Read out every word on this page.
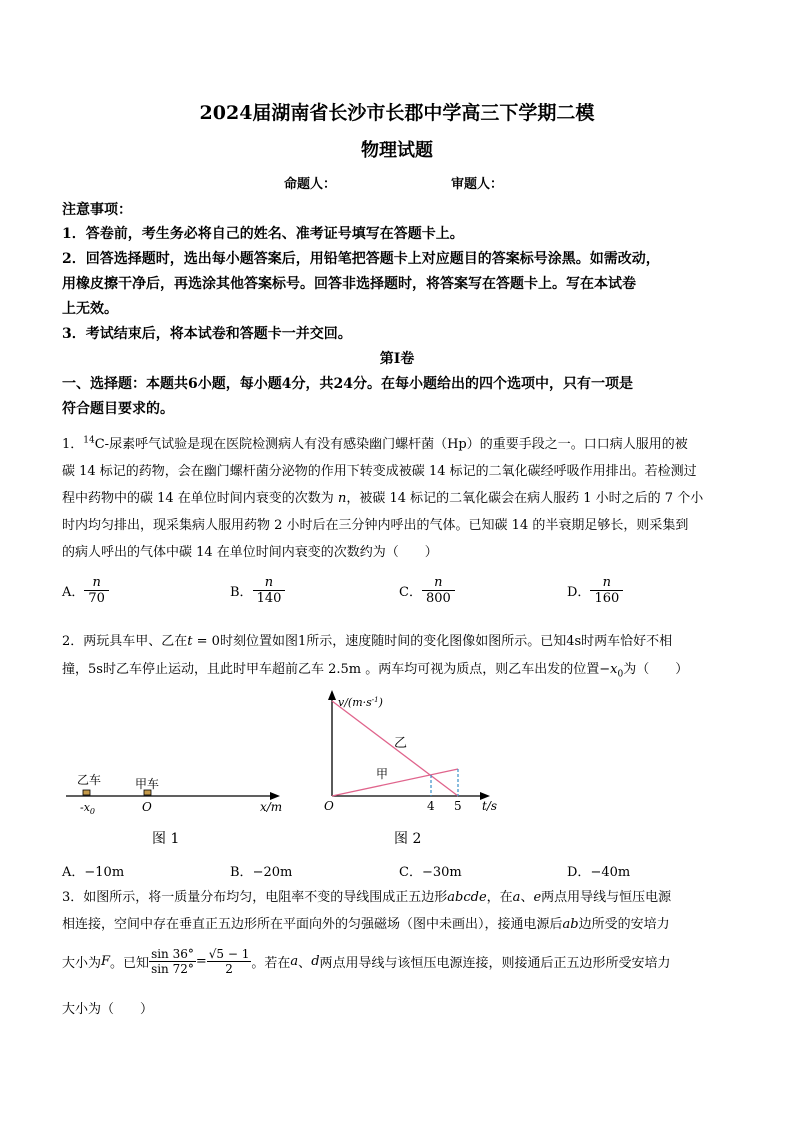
2024届湖南省长沙市长郡中学高三下学期二模
物理试题
命题人：	审题人：
注意事项：
1．答卷前，考生务必将自己的姓名、准考证号填写在答题卡上。
2．回答选择题时，选出每小题答案后，用铅笔把答题卡上对应题目的答案标号涂黑。如需改动，
用橡皮擦干净后，再选涂其他答案标号。回答非选择题时，将答案写在答题卡上。写在本试卷
上无效。
3．考试结束后，将本试卷和答题卡一并交回。
第Ⅰ卷
一、选择题：本题共6小题，每小题4分，共24分。在每小题给出的四个选项中，只有一项是
符合题目要求的。
1．$^{14}$C-尿素呼气试验是现在医院检测病人有没有感染幽门螺杆菌（Hp）的重要手段之一。口口病人服用的被
碳 14 标记的药物，会在幽门螺杆菌分泌物的作用下转变成被碳 14 标记的二氧化碳经呼吸作用排出。若检测过
程中药物中的碳 14 在单位时间内衰变的次数为 n，被碳 14 标记的二氧化碳会在病人服药 1 小时之后的 7 个小
时内均匀排出，现采集病人服用药物 2 小时后在三分钟内呼出的气体。已知碳 14 的半衰期足够长，则采集到
的病人呼出的气体中碳 14 在单位时间内衰变的次数约为（　　）
A． $\frac{n}{70}$	B． $\frac{n}{140}$	C． $\frac{n}{800}$	D． $\frac{n}{160}$
2．两玩具车甲、乙在t = 0时刻位置如图1所示，速度随时间的变化图像如图所示。已知4s时两车恰好不相
撞，5s时乙车停止运动，且此时甲车超前乙车 2.5m 。两车均可视为质点，则乙车出发的位置$-x_0$为（　　）
乙车	甲车
$-x_0$	O	x/m
图 1
$v/(m\cdot s^{-1})$
乙
甲
O	4 5 t/s
图 2
A．−10m	B．−20m	C．−30m	D．−40m
3．如图所示，将一质量分布均匀，电阻率不变的导线围成正五边形abcde，在a、e两点用导线与恒压电源
相连接，空间中存在垂直正五边形所在平面向外的匀强磁场（图中未画出），接通电源后ab边所受的安培力
大小为F。已知 $\frac{\sin 36^\circ}{\sin 72^\circ} = \frac{√5 - 1}{2}$ 。若在a、d两点用导线与该恒压电源连接，则接通后正五边形所受安培力
大小为（　　）
